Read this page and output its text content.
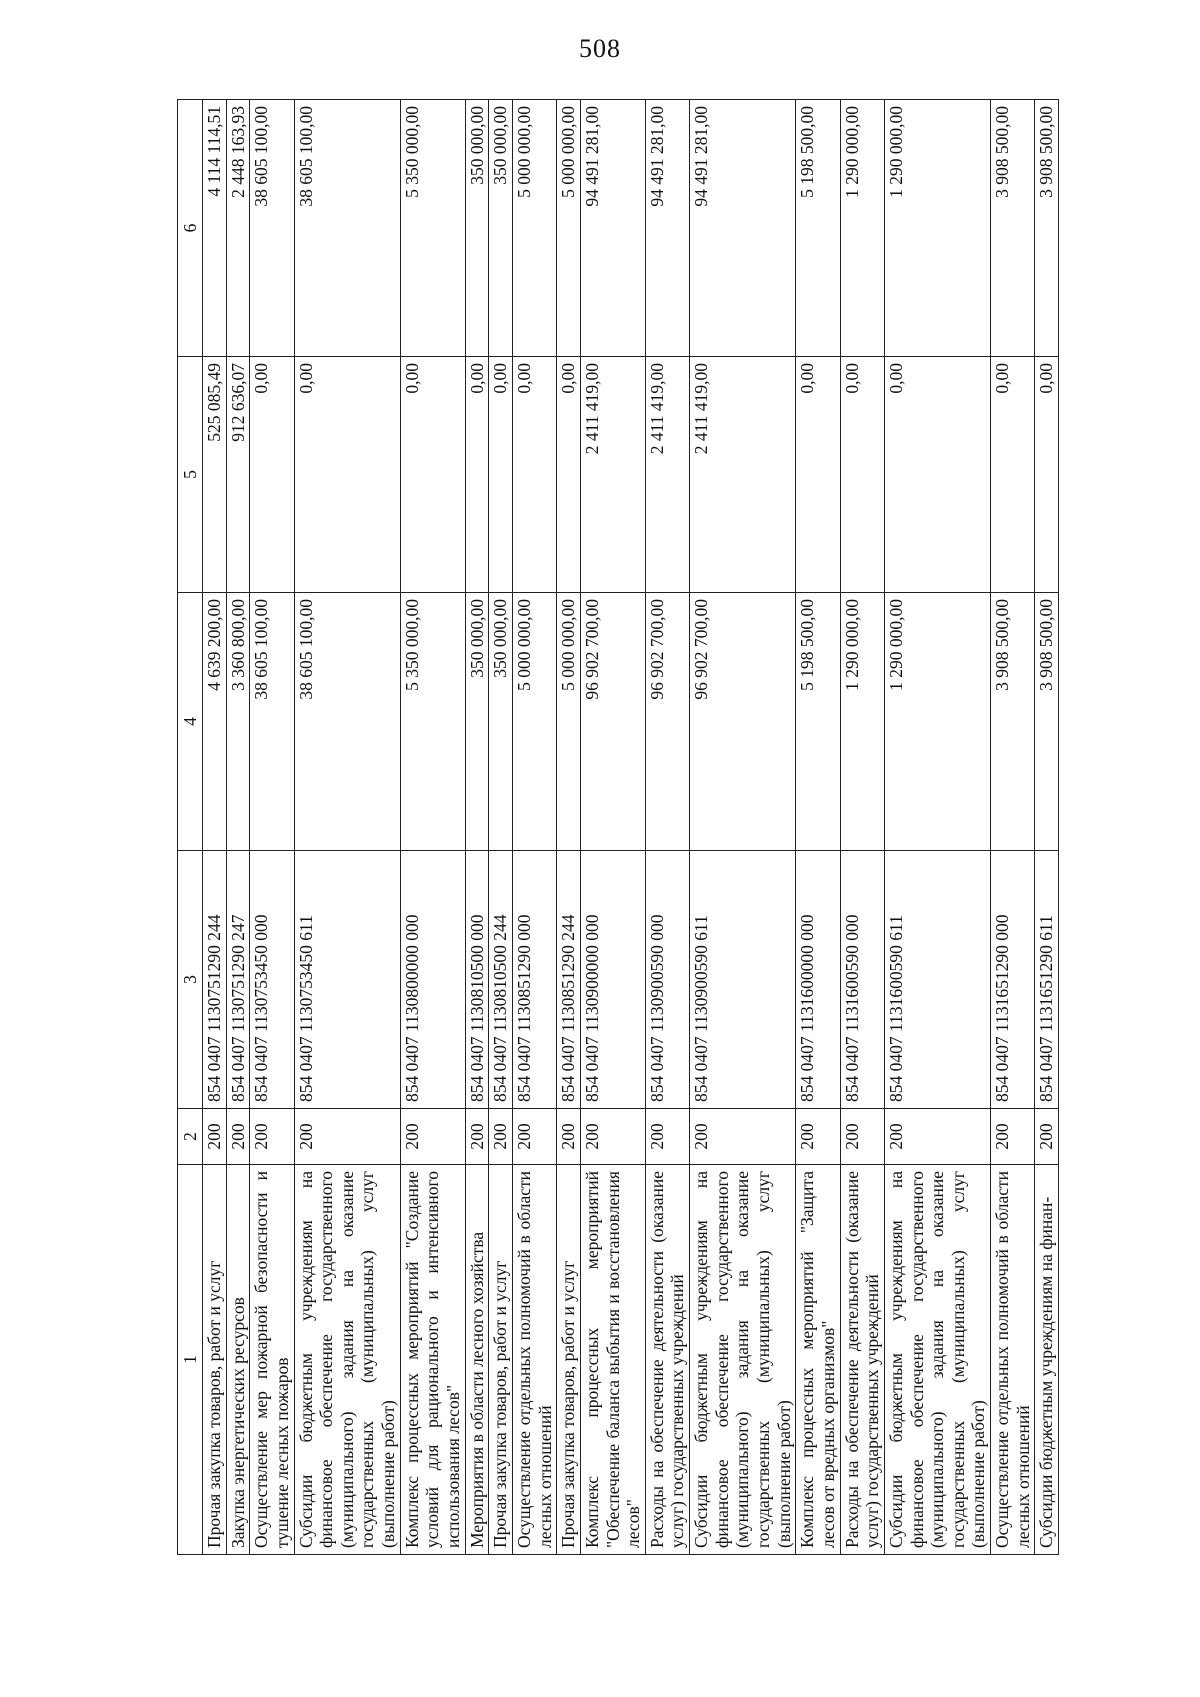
508
1	2	3	4	5	6
Прочая закупка товаров, работ и услуг	200	854 0407 1130751290 244	4 639 200,00	525 085,49	4 114 114,51
Закупка энергетических ресурсов	200	854 0407 1130751290 247	3 360 800,00	912 636,07	2 448 163,93
Осуществление мер пожарной безопасности и тушение лесных пожаров	200	854 0407 1130753450 000	38 605 100,00	0,00	38 605 100,00
Субсидии бюджетным учреждениям на финансовое обеспечение государственного (муниципального) задания на оказание государственных (муниципальных) услуг (выполнение работ)	200	854 0407 1130753450 611	38 605 100,00	0,00	38 605 100,00
Комплекс процессных мероприятий "Создание условий для рационального и интенсивного использования лесов"	200	854 0407 1130800000 000	5 350 000,00	0,00	5 350 000,00
Мероприятия в области лесного хозяйства	200	854 0407 1130810500 000	350 000,00	0,00	350 000,00
Прочая закупка товаров, работ и услуг	200	854 0407 1130810500 244	350 000,00	0,00	350 000,00
Осуществление отдельных полномочий в области лесных отношений	200	854 0407 1130851290 000	5 000 000,00	0,00	5 000 000,00
Прочая закупка товаров, работ и услуг	200	854 0407 1130851290 244	5 000 000,00	0,00	5 000 000,00
Комплекс процессных мероприятий "Обеспечение баланса выбытия и восстановления лесов"	200	854 0407 1130900000 000	96 902 700,00	2 411 419,00	94 491 281,00
Расходы на обеспечение деятельности (оказание услуг) государственных учреждений	200	854 0407 1130900590 000	96 902 700,00	2 411 419,00	94 491 281,00
Субсидии бюджетным учреждениям на финансовое обеспечение государственного (муниципального) задания на оказание государственных (муниципальных) услуг (выполнение работ)	200	854 0407 1130900590 611	96 902 700,00	2 411 419,00	94 491 281,00
Комплекс процессных мероприятий "Защита лесов от вредных организмов"	200	854 0407 1131600000 000	5 198 500,00	0,00	5 198 500,00
Расходы на обеспечение деятельности (оказание услуг) государственных учреждений	200	854 0407 1131600590 000	1 290 000,00	0,00	1 290 000,00
Субсидии бюджетным учреждениям на финансовое обеспечение государственного (муниципального) задания на оказание государственных (муниципальных) услуг (выполнение работ)	200	854 0407 1131600590 611	1 290 000,00	0,00	1 290 000,00
Осуществление отдельных полномочий в области лесных отношений	200	854 0407 1131651290 000	3 908 500,00	0,00	3 908 500,00
Субсидии бюджетным учреждениям на финан-	200	854 0407 1131651290 611	3 908 500,00	0,00	3 908 500,00
